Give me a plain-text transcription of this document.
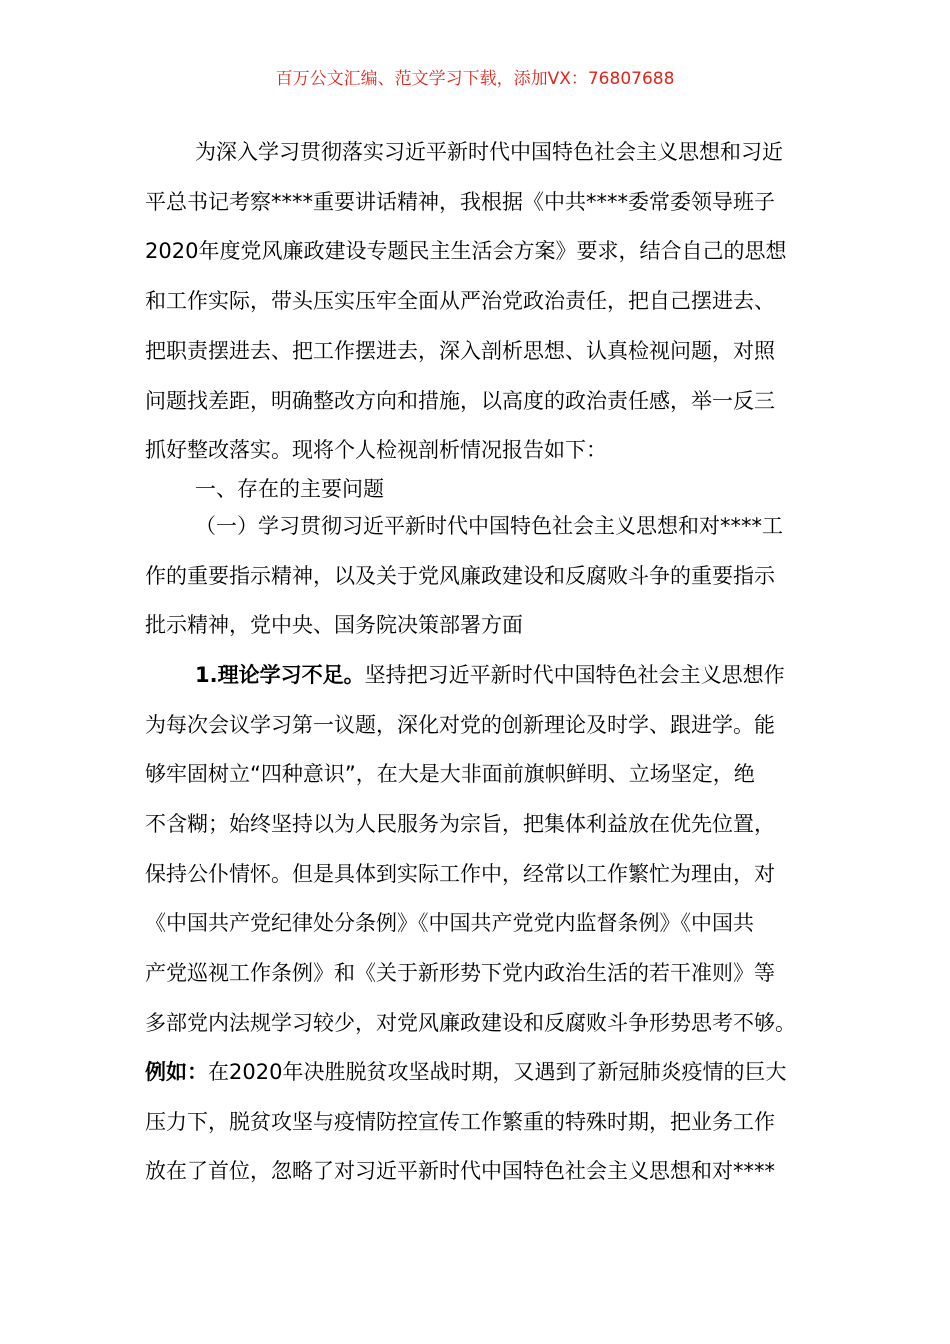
百万公文汇编、范文学习下载，添加VX：76807688
为深入学习贯彻落实习近平新时代中国特色社会主义思想和习近
平总书记考察****重要讲话精神，我根据《中共****委常委领导班子
2020年度党风廉政建设专题民主生活会方案》要求，结合自己的思想
和工作实际，带头压实压牢全面从严治党政治责任，把自己摆进去、
把职责摆进去、把工作摆进去，深入剖析思想、认真检视问题，对照
问题找差距，明确整改方向和措施，以高度的政治责任感，举一反三
抓好整改落实。现将个人检视剖析情况报告如下：
一、存在的主要问题
（一）学习贯彻习近平新时代中国特色社会主义思想和对****工
作的重要指示精神，以及关于党风廉政建设和反腐败斗争的重要指示
批示精神，党中央、国务院决策部署方面
1.理论学习不足。坚持把习近平新时代中国特色社会主义思想作
为每次会议学习第一议题，深化对党的创新理论及时学、跟进学。能
够牢固树立“四种意识”，在大是大非面前旗帜鲜明、立场坚定，绝
不含糊；始终坚持以为人民服务为宗旨，把集体利益放在优先位置，
保持公仆情怀。但是具体到实际工作中，经常以工作繁忙为理由，对
《中国共产党纪律处分条例》《中国共产党党内监督条例》《中国共
产党巡视工作条例》和《关于新形势下党内政治生活的若干准则》等
多部党内法规学习较少，对党风廉政建设和反腐败斗争形势思考不够。
例如：在2020年决胜脱贫攻坚战时期，又遇到了新冠肺炎疫情的巨大
压力下，脱贫攻坚与疫情防控宣传工作繁重的特殊时期，把业务工作
放在了首位，忽略了对习近平新时代中国特色社会主义思想和对****
